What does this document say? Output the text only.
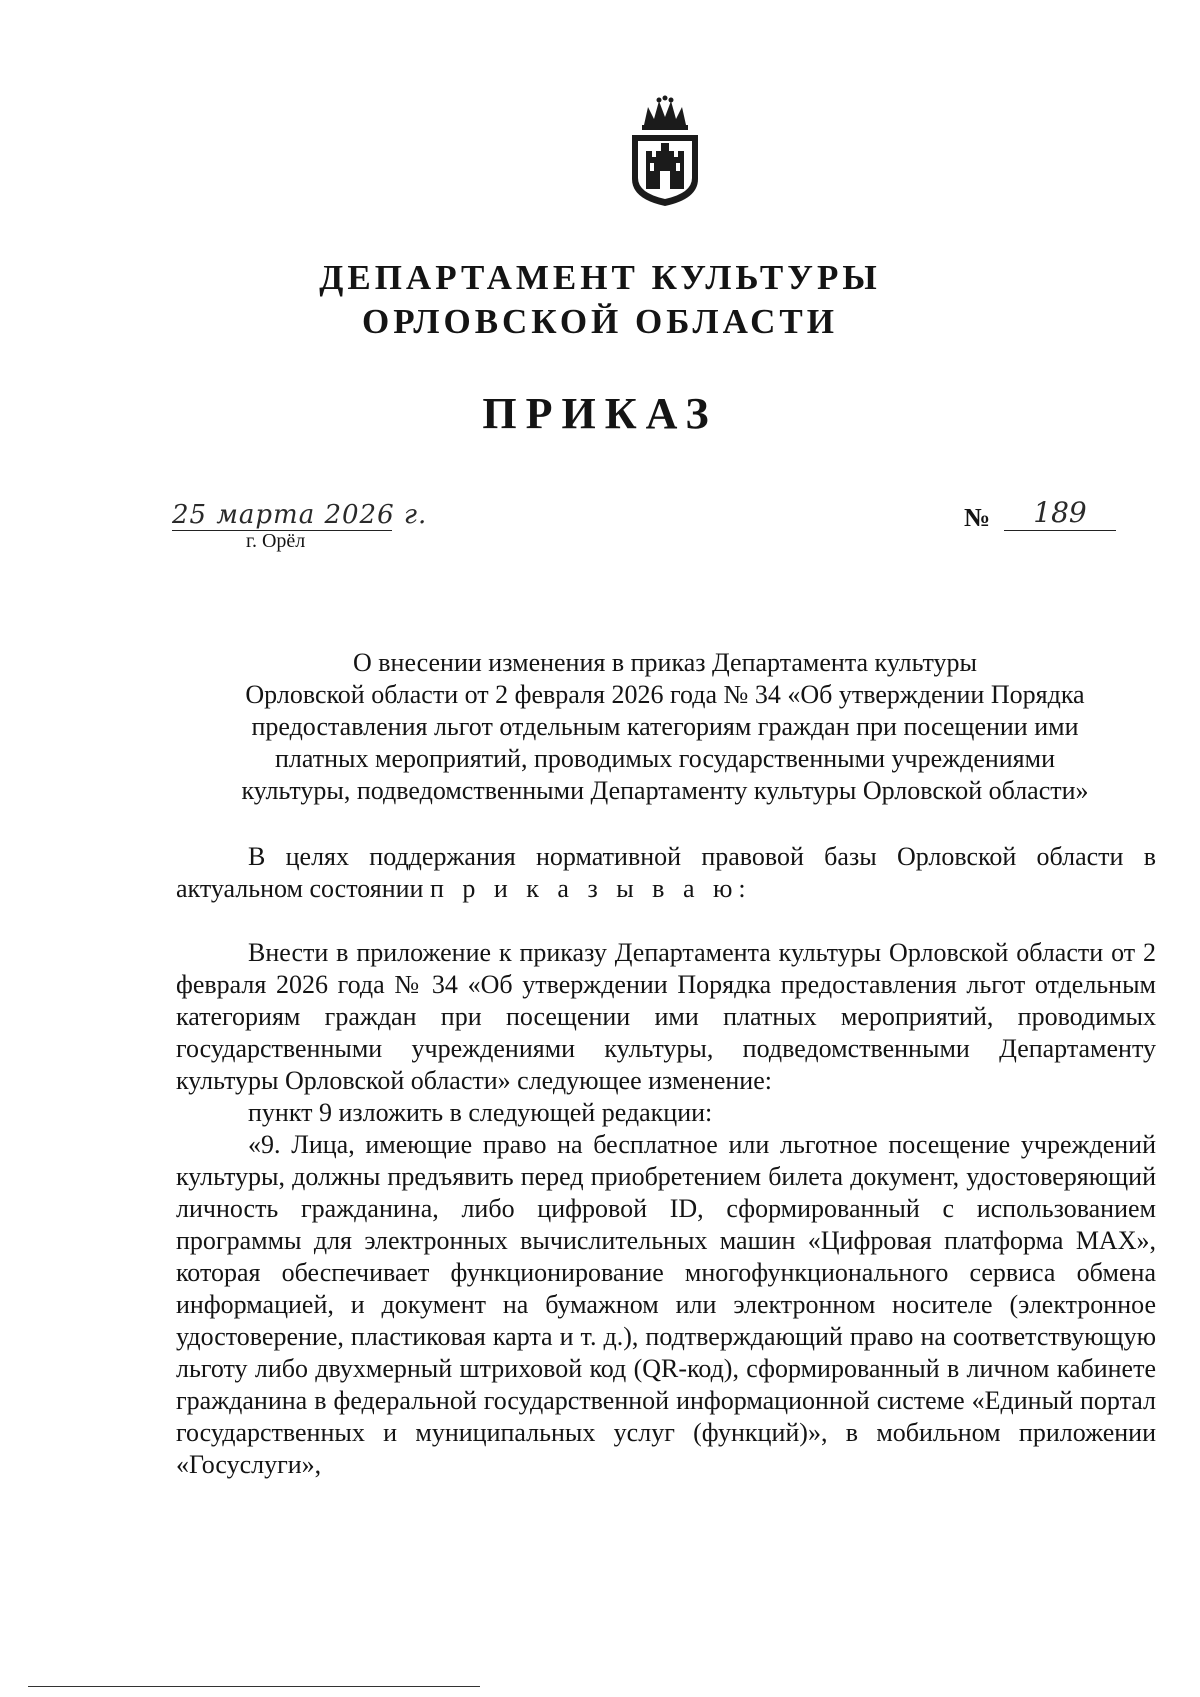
ДЕПАРТАМЕНТ КУЛЬТУРЫ
ОРЛОВСКОЙ ОБЛАСТИ
ПРИКАЗ
25 марта 2026 г.
г. Орёл
№	189
О внесении изменения в приказ Департамента культуры
Орловской области от 2 февраля 2026 года № 34 «Об утверждении Порядка
предоставления льгот отдельным категориям граждан при посещении ими
платных мероприятий, проводимых государственными учреждениями
культуры, подведомственными Департаменту культуры Орловской области»

В целях поддержания нормативной правовой базы Орловской области в актуальном состоянии п р и к а з ы в а ю:

Внести в приложение к приказу Департамента культуры Орловской области от 2 февраля 2026 года № 34 «Об утверждении Порядка предоставления льгот отдельным категориям граждан при посещении ими платных мероприятий, проводимых государственными учреждениями культуры, подведомственными Департаменту культуры Орловской области» следующее изменение:

пункт 9 изложить в следующей редакции:

«9. Лица, имеющие право на бесплатное или льготное посещение учреждений культуры, должны предъявить перед приобретением билета документ, удостоверяющий личность гражданина, либо цифровой ID, сформированный с использованием программы для электронных вычислительных машин «Цифровая платформа МАХ», которая обеспечивает функционирование многофункционального сервиса обмена информацией, и документ на бумажном или электронном носителе (электронное удостоверение, пластиковая карта и т. д.), подтверждающий право на соответствующую льготу либо двухмерный штриховой код (QR-код), сформированный в личном кабинете гражданина в федеральной государственной информационной системе «Единый портал государственных и муниципальных услуг (функций)», в мобильном приложении «Госуслуги»,
